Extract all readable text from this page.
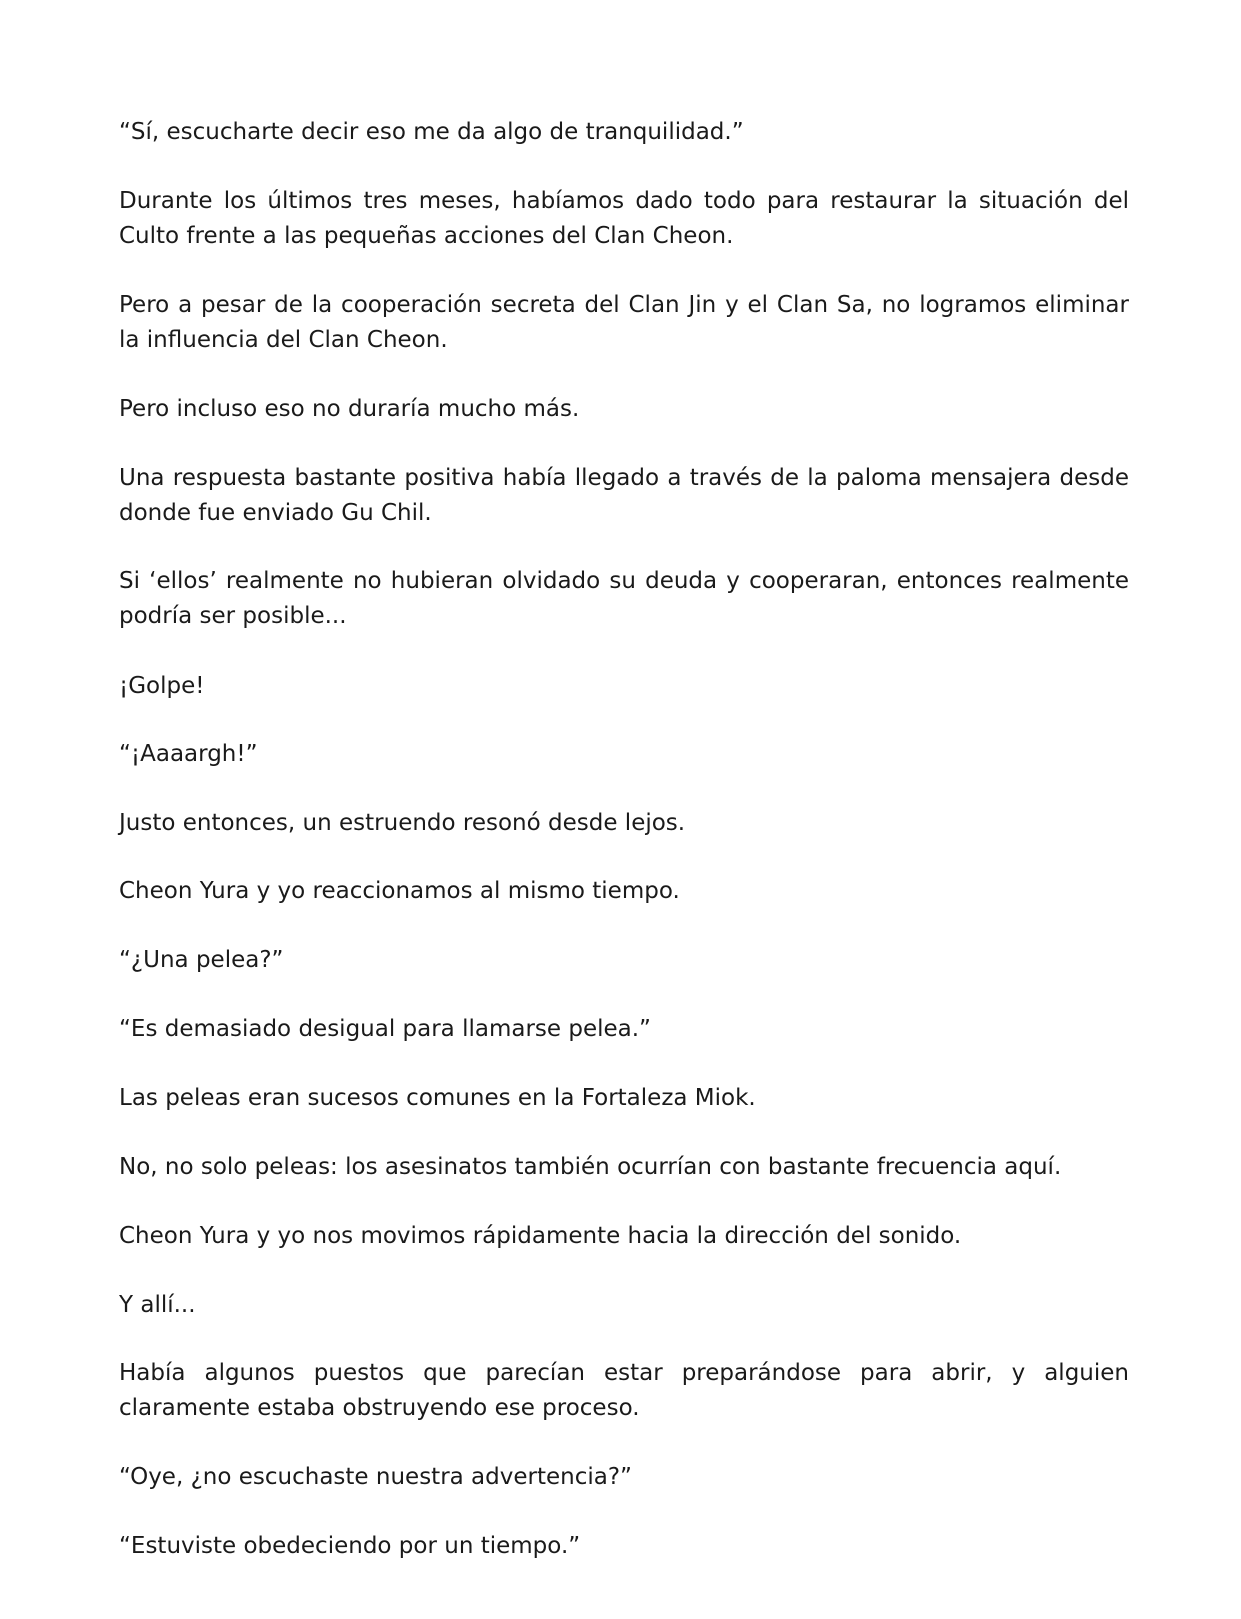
“Sí, escucharte decir eso me da algo de tranquilidad.”

Durante los últimos tres meses, habíamos dado todo para restaurar la situación del Culto frente a las pequeñas acciones del Clan Cheon.

Pero a pesar de la cooperación secreta del Clan Jin y el Clan Sa, no logramos eliminar la influencia del Clan Cheon.

Pero incluso eso no duraría mucho más.

Una respuesta bastante positiva había llegado a través de la paloma mensajera desde donde fue enviado Gu Chil.

Si ‘ellos’ realmente no hubieran olvidado su deuda y cooperaran, entonces realmente podría ser posible...

¡Golpe!

“¡Aaaargh!”

Justo entonces, un estruendo resonó desde lejos.

Cheon Yura y yo reaccionamos al mismo tiempo.

“¿Una pelea?”

“Es demasiado desigual para llamarse pelea.”

Las peleas eran sucesos comunes en la Fortaleza Miok.

No, no solo peleas: los asesinatos también ocurrían con bastante frecuencia aquí.

Cheon Yura y yo nos movimos rápidamente hacia la dirección del sonido.

Y allí...

Había algunos puestos que parecían estar preparándose para abrir, y alguien claramente estaba obstruyendo ese proceso.

“Oye, ¿no escuchaste nuestra advertencia?”

“Estuviste obedeciendo por un tiempo.”
